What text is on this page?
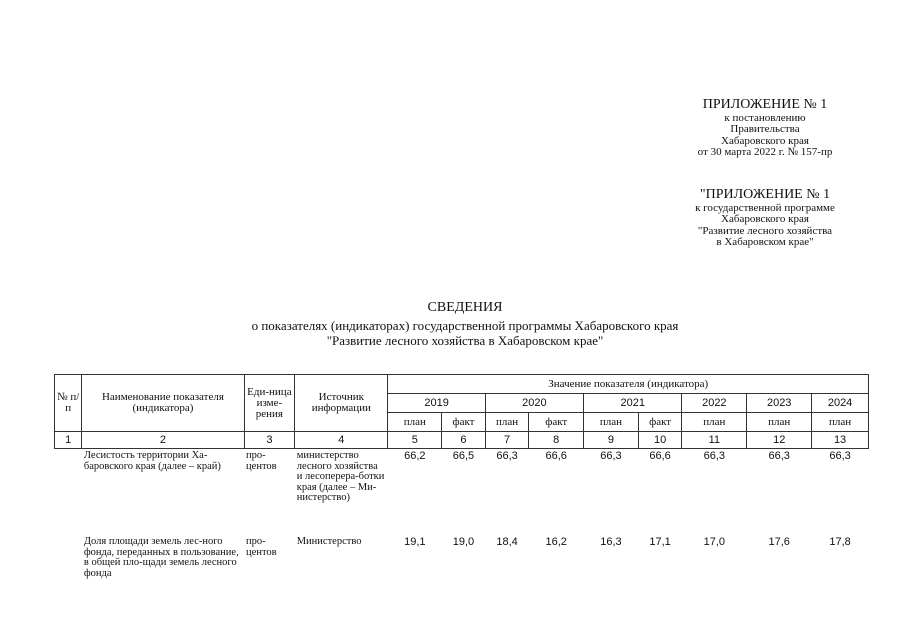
ПРИЛОЖЕНИЕ № 1
к постановлению
Правительства
Хабаровского края
от 30 марта 2022 г. № 157-пр
"ПРИЛОЖЕНИЕ № 1
к государственной программе
Хабаровского края
"Развитие лесного хозяйства
в Хабаровском крае"
СВЕДЕНИЯ
о показателях (индикаторах) государственной программы Хабаровского края
"Развитие лесного хозяйства в Хабаровском крае"
№ п/п	Наименование показателя (индикатора)	Еди-ница изме-рения	Источник информации	Значение показателя (индикатора)								
				2019		2020		2021		2022	2023	2024
				план	факт	план	факт	план	факт	план	план	план
1	2	3	4	5	6	7	8	9	10	11	12	13
	Лесистость территории Ха-баровского края (далее – край)	про-центов	министерство лесного хозяйства и лесоперера-ботки края (далее – Ми-нистерство)	66,2	66,5	66,3	66,6	66,3	66,6	66,3	66,3	66,3
	Доля площади земель лес-ного фонда, переданных в пользование, в общей пло-щади земель лесного фонда	про-центов	Министерство	19,1	19,0	18,4	16,2	16,3	17,1	17,0	17,6	17,8
